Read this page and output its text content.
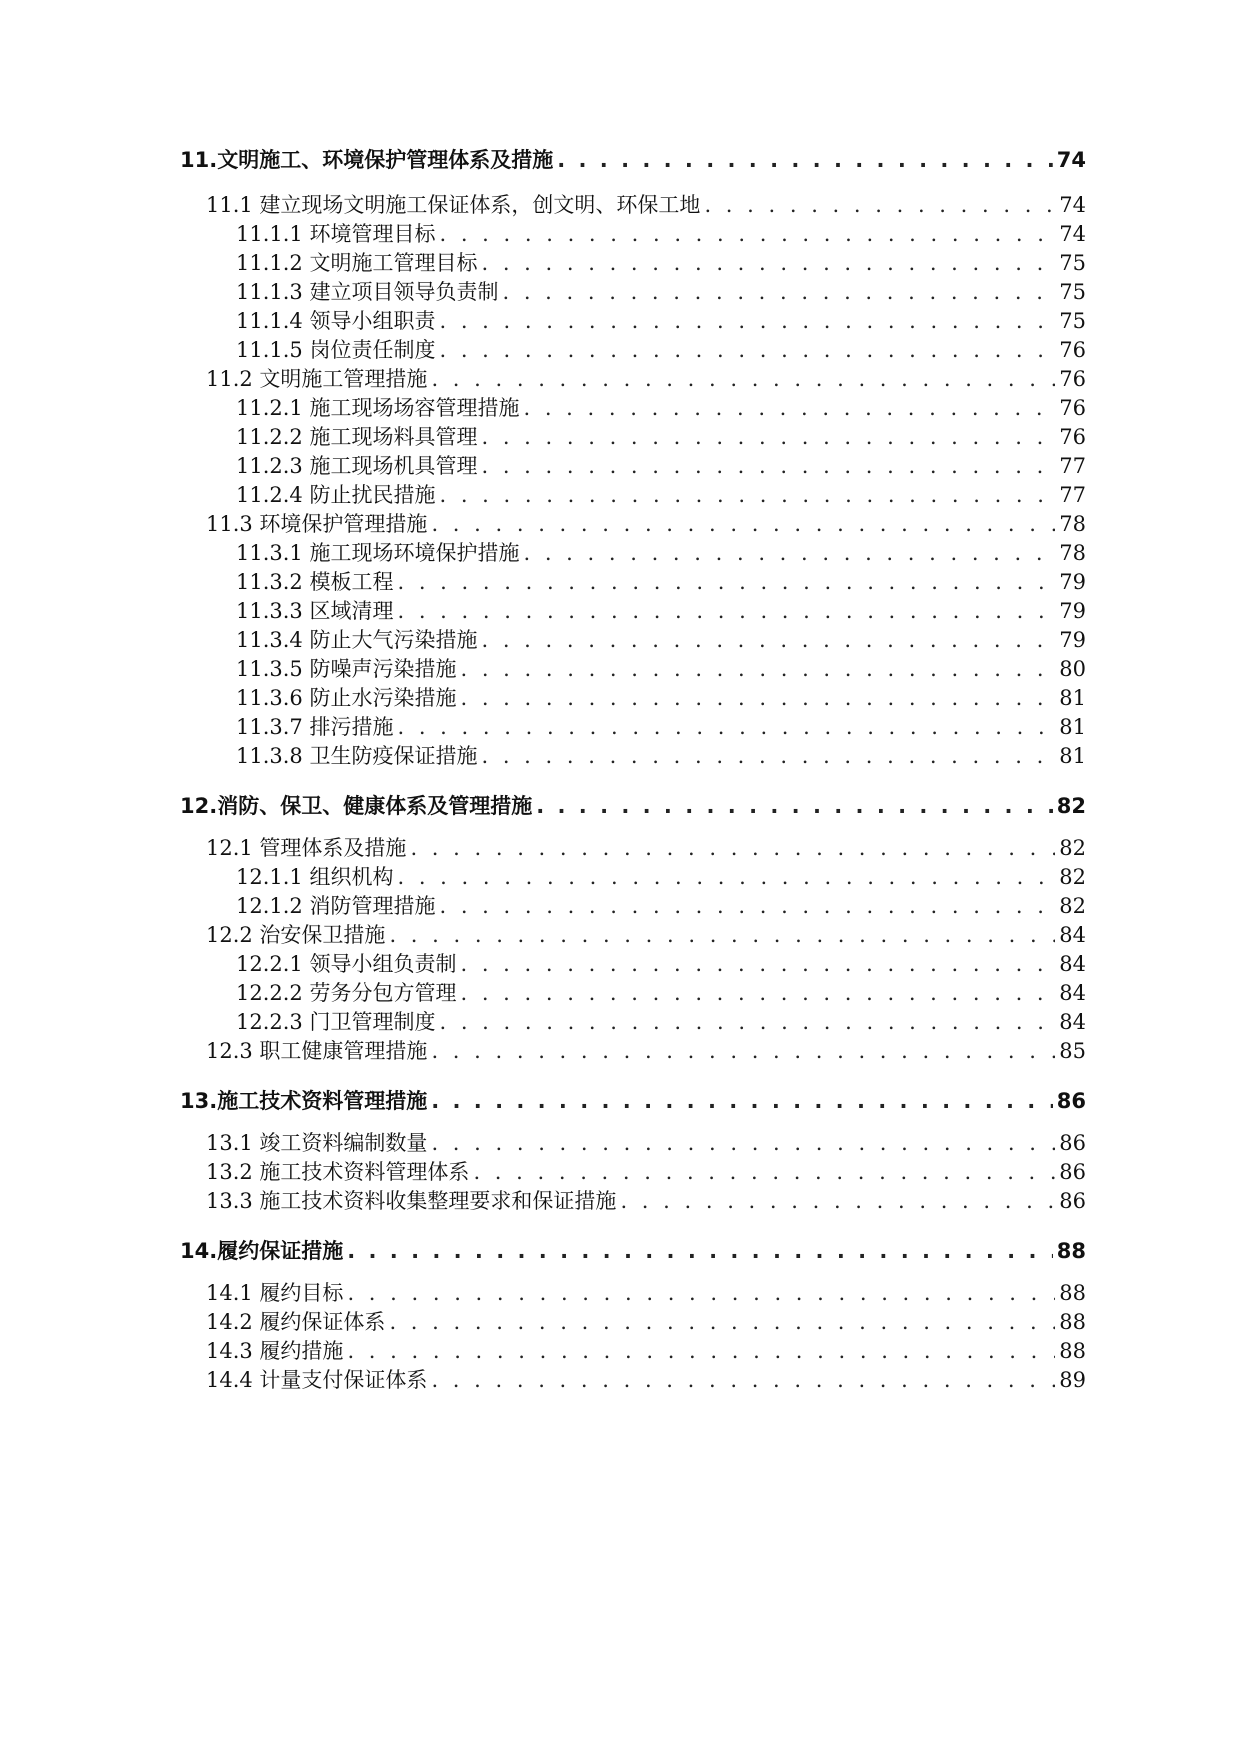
11.文明施工、环境保护管理体系及措施 . . .	74
11.1 建立现场文明施工保证体系，创文明、环保工地 . . .	74
11.1.1 环境管理目标 . . .	74
11.1.2 文明施工管理目标 . . .	75
11.1.3 建立项目领导负责制 . . .	75
11.1.4 领导小组职责 . . .	75
11.1.5 岗位责任制度 . . .	76
11.2 文明施工管理措施 . . .	76
11.2.1 施工现场场容管理措施 . . .	76
11.2.2 施工现场料具管理 . . .	76
11.2.3 施工现场机具管理 . . .	77
11.2.4 防止扰民措施 . . .	77
11.3 环境保护管理措施 . . .	78
11.3.1 施工现场环境保护措施 . . .	78
11.3.2 模板工程 . . .	79
11.3.3 区域清理 . . .	79
11.3.4 防止大气污染措施 . . .	79
11.3.5 防噪声污染措施 . . .	80
11.3.6 防止水污染措施 . . .	81
11.3.7 排污措施 . . .	81
11.3.8 卫生防疫保证措施 . . .	81
12.消防、保卫、健康体系及管理措施 . . .	82
12.1 管理体系及措施 . . .	82
12.1.1 组织机构 . . .	82
12.1.2 消防管理措施 . . .	82
12.2 治安保卫措施 . . .	84
12.2.1 领导小组负责制 . . .	84
12.2.2 劳务分包方管理 . . .	84
12.2.3 门卫管理制度 . . .	84
12.3 职工健康管理措施 . . .	85
13.施工技术资料管理措施 . . .	86
13.1 竣工资料编制数量 . . .	86
13.2 施工技术资料管理体系 . . .	86
13.3 施工技术资料收集整理要求和保证措施 . . .	86
14.履约保证措施 . . .	88
14.1 履约目标 . . .	88
14.2 履约保证体系 . . .	88
14.3 履约措施 . . .	88
14.4 计量支付保证体系 . . .	89
